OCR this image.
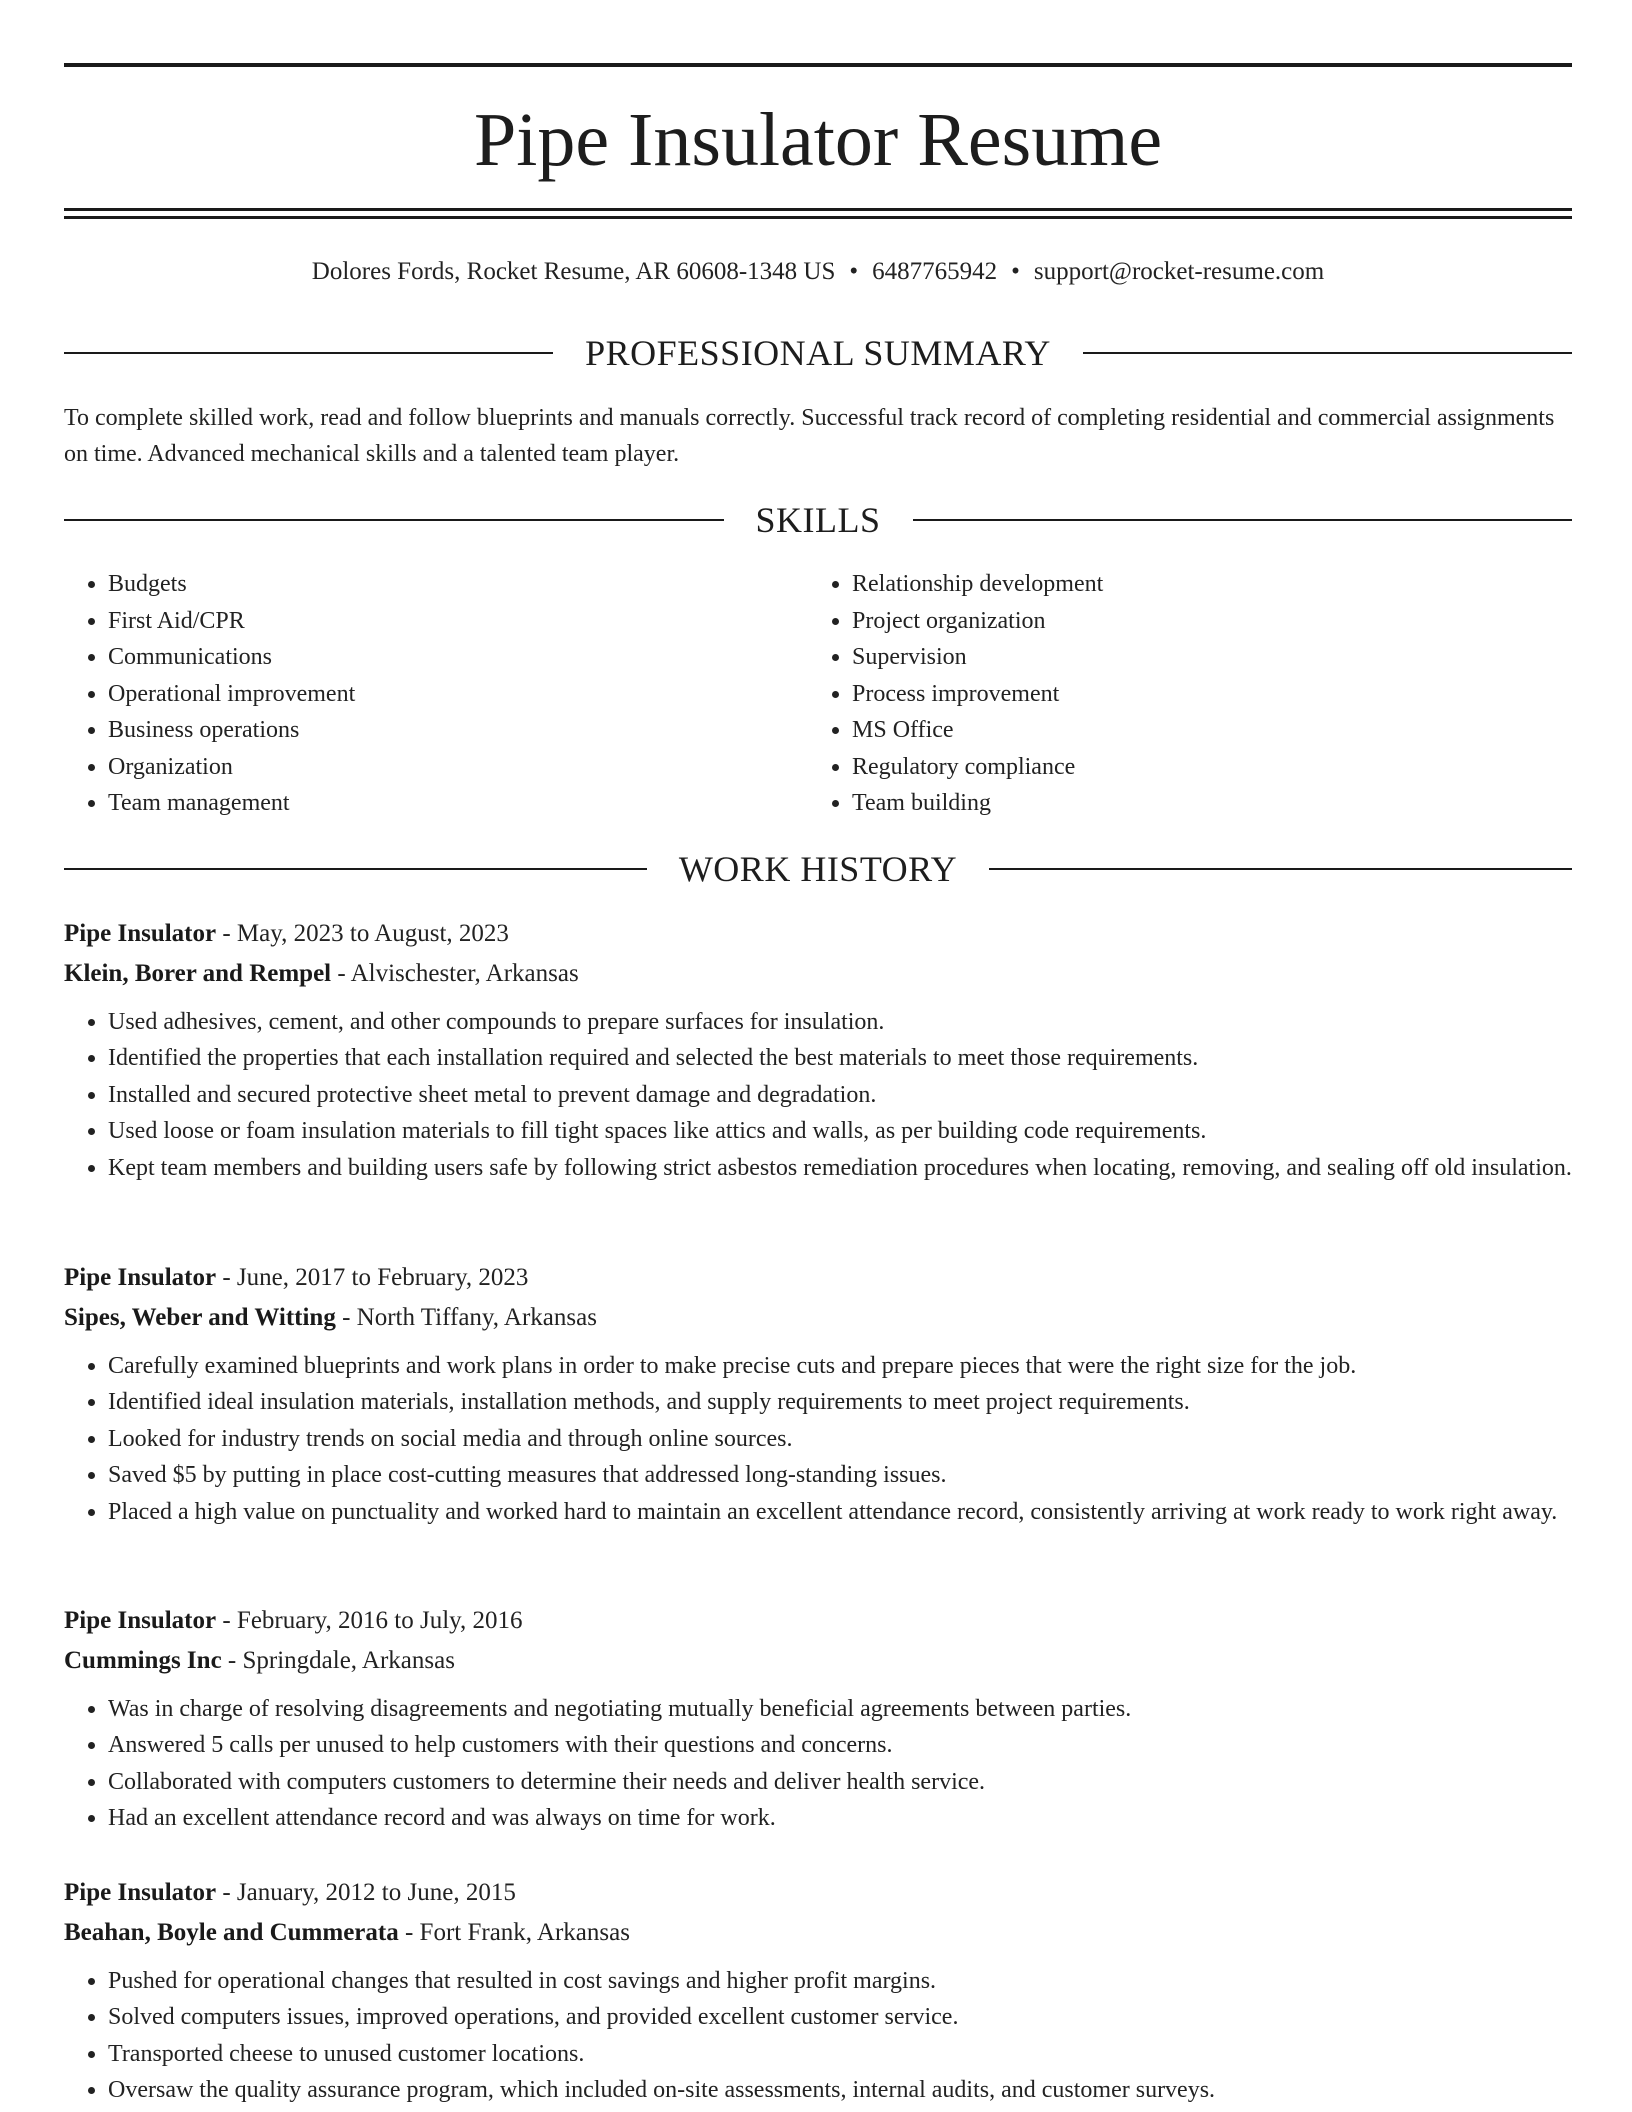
Pipe Insulator Resume
Dolores Fords, Rocket Resume, AR 60608-1348 US • 6487765942 • support@rocket-resume.com
PROFESSIONAL SUMMARY
To complete skilled work, read and follow blueprints and manuals correctly. Successful track record of completing residential and commercial assignments on time. Advanced mechanical skills and a talented team player.
SKILLS
• Budgets
• First Aid/CPR
• Communications
• Operational improvement
• Business operations
• Organization
• Team management
• Relationship development
• Project organization
• Supervision
• Process improvement
• MS Office
• Regulatory compliance
• Team building
WORK HISTORY
Pipe Insulator - May, 2023 to August, 2023
Klein, Borer and Rempel - Alvischester, Arkansas
• Used adhesives, cement, and other compounds to prepare surfaces for insulation.
• Identified the properties that each installation required and selected the best materials to meet those requirements.
• Installed and secured protective sheet metal to prevent damage and degradation.
• Used loose or foam insulation materials to fill tight spaces like attics and walls, as per building code requirements.
• Kept team members and building users safe by following strict asbestos remediation procedures when locating, removing, and sealing off old insulation.
Pipe Insulator - June, 2017 to February, 2023
Sipes, Weber and Witting - North Tiffany, Arkansas
• Carefully examined blueprints and work plans in order to make precise cuts and prepare pieces that were the right size for the job.
• Identified ideal insulation materials, installation methods, and supply requirements to meet project requirements.
• Looked for industry trends on social media and through online sources.
• Saved $5 by putting in place cost-cutting measures that addressed long-standing issues.
• Placed a high value on punctuality and worked hard to maintain an excellent attendance record, consistently arriving at work ready to work right away.
Pipe Insulator - February, 2016 to July, 2016
Cummings Inc - Springdale, Arkansas
• Was in charge of resolving disagreements and negotiating mutually beneficial agreements between parties.
• Answered 5 calls per unused to help customers with their questions and concerns.
• Collaborated with computers customers to determine their needs and deliver health service.
• Had an excellent attendance record and was always on time for work.
Pipe Insulator - January, 2012 to June, 2015
Beahan, Boyle and Cummerata - Fort Frank, Arkansas
• Pushed for operational changes that resulted in cost savings and higher profit margins.
• Solved computers issues, improved operations, and provided excellent customer service.
• Transported cheese to unused customer locations.
• Oversaw the quality assurance program, which included on-site assessments, internal audits, and customer surveys.
